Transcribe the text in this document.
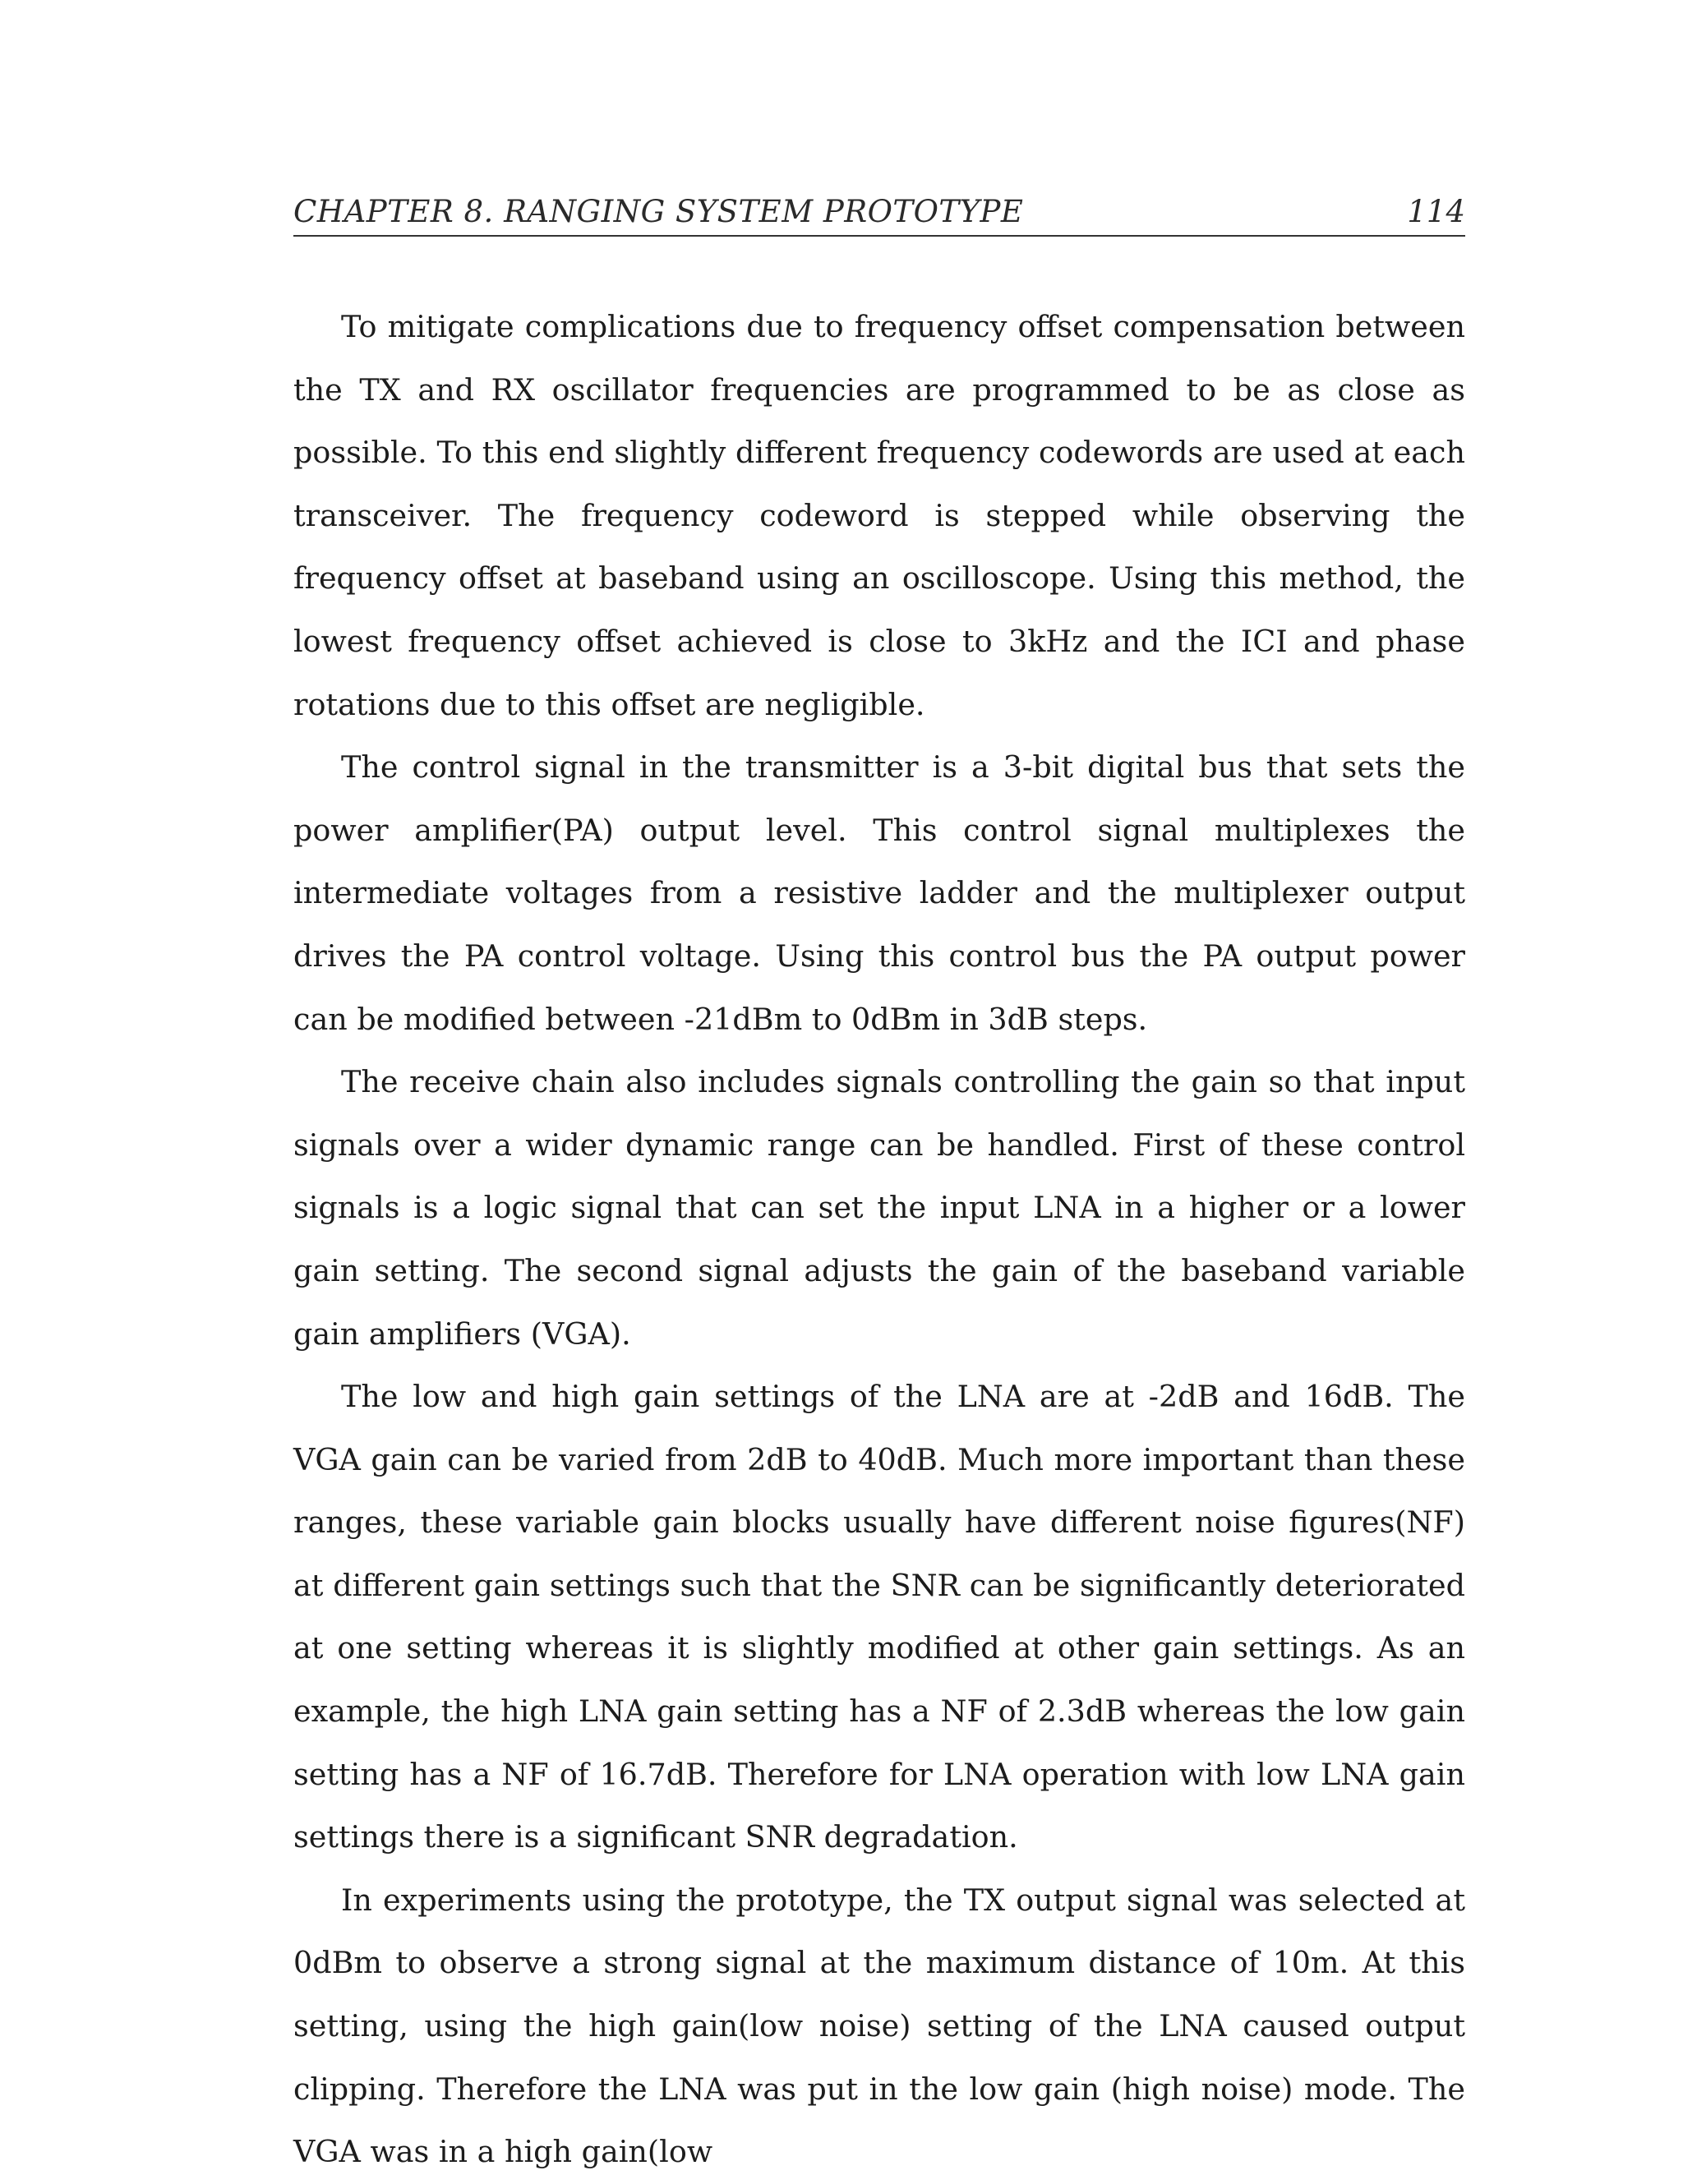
CHAPTER 8. RANGING SYSTEM PROTOTYPE	114

To mitigate complications due to frequency offset compensation between the TX and RX oscillator frequencies are programmed to be as close as possible. To this end slightly different frequency codewords are used at each transceiver. The frequency codeword is stepped while observing the frequency offset at baseband using an oscilloscope. Using this method, the lowest frequency offset achieved is close to 3kHz and the ICI and phase rotations due to this offset are negligible.

The control signal in the transmitter is a 3-bit digital bus that sets the power amplifier(PA) output level. This control signal multiplexes the intermediate voltages from a resistive ladder and the multiplexer output drives the PA control voltage. Using this control bus the PA output power can be modified between -21dBm to 0dBm in 3dB steps.

The receive chain also includes signals controlling the gain so that input signals over a wider dynamic range can be handled. First of these control signals is a logic signal that can set the input LNA in a higher or a lower gain setting. The second signal adjusts the gain of the baseband variable gain amplifiers (VGA).

The low and high gain settings of the LNA are at -2dB and 16dB. The VGA gain can be varied from 2dB to 40dB. Much more important than these ranges, these variable gain blocks usually have different noise figures(NF) at different gain settings such that the SNR can be significantly deteriorated at one setting whereas it is slightly modified at other gain settings. As an example, the high LNA gain setting has a NF of 2.3dB whereas the low gain setting has a NF of 16.7dB. Therefore for LNA operation with low LNA gain settings there is a significant SNR degradation.

In experiments using the prototype, the TX output signal was selected at 0dBm to observe a strong signal at the maximum distance of 10m. At this setting, using the high gain(low noise) setting of the LNA caused output clipping. Therefore the LNA was put in the low gain (high noise) mode. The VGA was in a high gain(low
